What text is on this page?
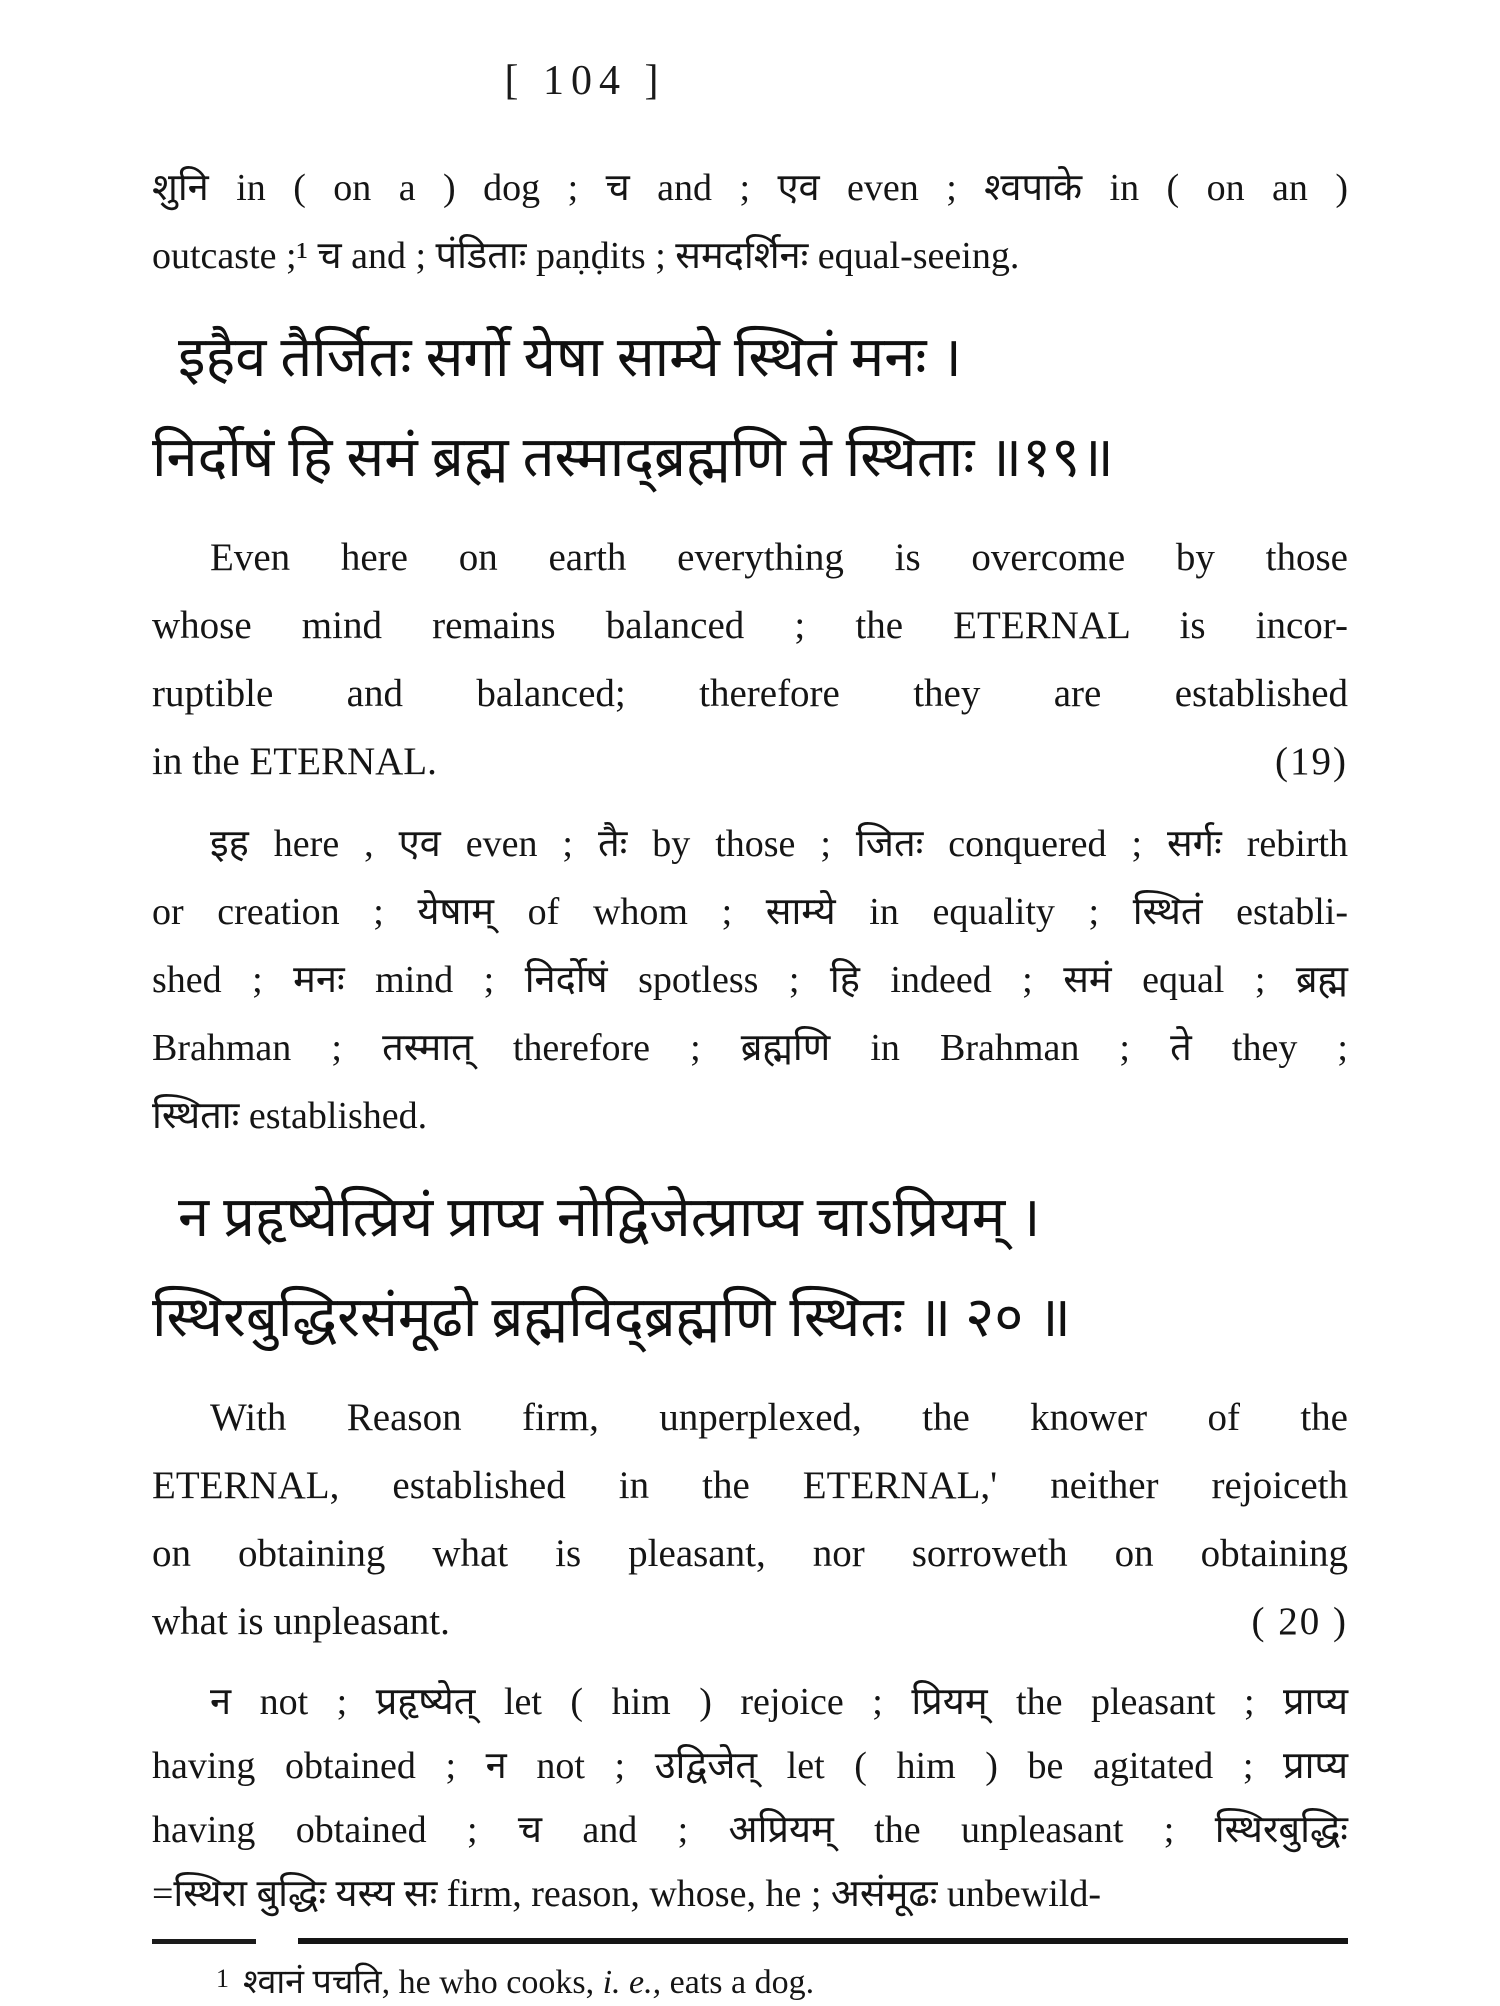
[ 104 ]
शुनि in ( on a ) dog ; च and ; एव even ; श्वपाके in ( on an )
outcaste ;¹ च and ; पंडिताः paṇḍits ; समदर्शिनः equal-seeing.
इहैव तैर्जितः सर्गो येषा साम्ये स्थितं मनः ।
निर्दोषं हि समं ब्रह्म तस्माद्ब्रह्मणि ते स्थिताः ॥१९॥
Even here on earth everything is overcome by those
whose mind remains balanced ; the ETERNAL is incor-
ruptible and balanced; therefore they are established
(19)
in the ETERNAL.
इह here , एव even ; तैः by those ; जितः conquered ; सर्गः rebirth
or creation ; येषाम् of whom ; साम्ये in equality ; स्थितं establi-
shed ; मनः mind ; निर्दोषं spotless ; हि indeed ; समं equal ; ब्रह्म
Brahman ; तस्मात् therefore ; ब्रह्मणि in Brahman ; ते they ;
स्थिताः established.
न प्रहृष्येत्प्रियं प्राप्य नोद्विजेत्प्राप्य चाऽप्रियम् ।
स्थिरबुद्धिरसंमूढो ब्रह्मविद्ब्रह्मणि स्थितः ॥ २० ॥
With Reason firm, unperplexed, the knower of the
ETERNAL, established in the ETERNAL,' neither rejoiceth
on obtaining what is pleasant, nor sorroweth on obtaining
( 20 )
what is unpleasant.
न not ; प्रहृष्येत् let ( him ) rejoice ; प्रियम् the pleasant ; प्राप्य
having obtained ; न not ; उद्विजेत् let ( him ) be agitated ; प्राप्य
having obtained ; च and ; अप्रियम् the unpleasant ; स्थिरबुद्धिः
=स्थिरा बुद्धिः यस्य सः firm, reason, whose, he ; असंमूढः unbewild-
1 श्वानं पचति, he who cooks, i. e., eats a dog.
